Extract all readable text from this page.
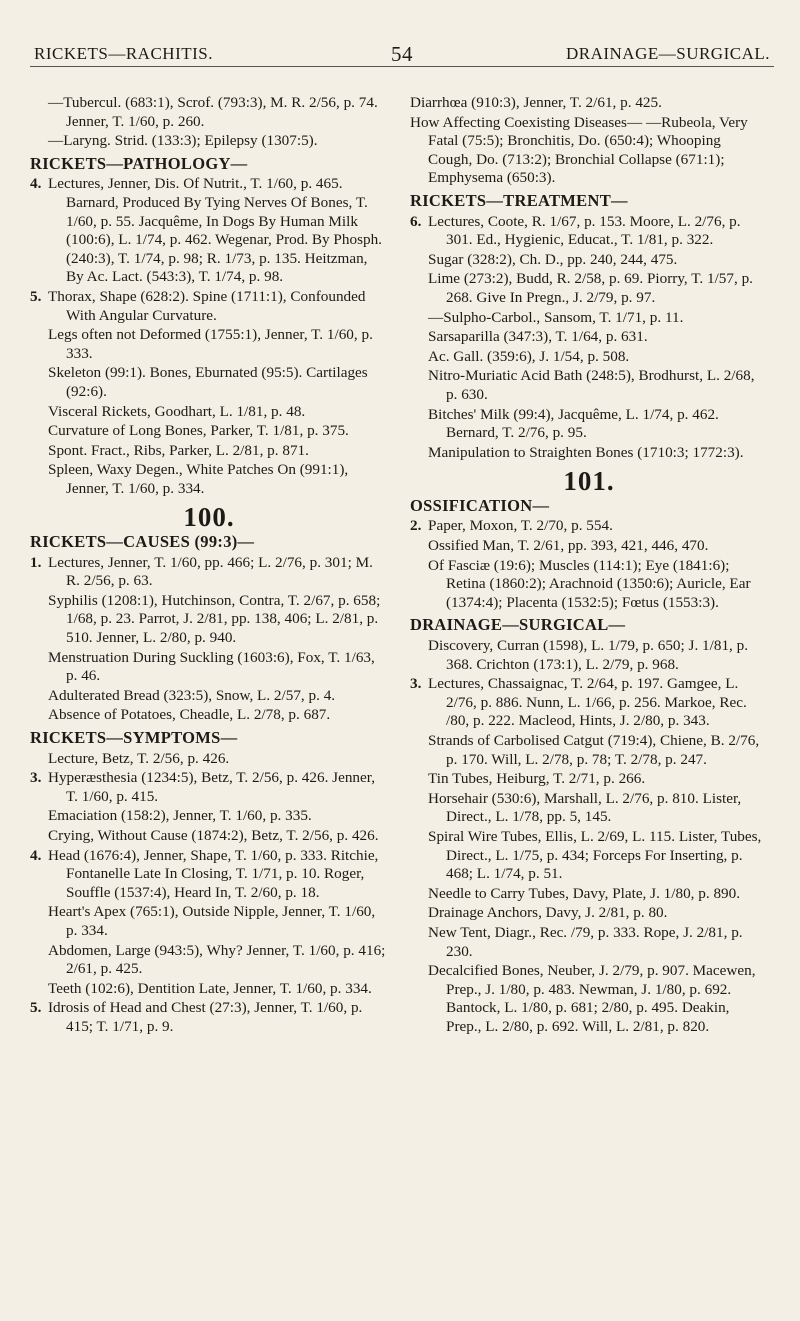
RICKETS—RACHITIS.	54	DRAINAGE—SURGICAL.
—Tubercul. (683:1), Scrof. (793:3), M. R. 2/56, p. 74. Jenner, T. 1/60, p. 260.
—Laryng. Strid. (133:3); Epilepsy (1307:5).
RICKETS—PATHOLOGY—
4. Lectures, Jenner, Dis. Of Nutrit., T. 1/60, p. 465. Barnard, Produced By Tying Nerves Of Bones, T. 1/60, p. 55. Jacquême, In Dogs By Human Milk (100:6), L. 1/74, p. 462. Wegenar, Prod. By Phosph. (240:3), T. 1/74, p. 98; R. 1/73, p. 135. Heitzman, By Ac. Lact. (543:3), T. 1/74, p. 98.
5. Thorax, Shape (628:2). Spine (1711:1), Confounded With Angular Curvature.
Legs often not Deformed (1755:1), Jenner, T. 1/60, p. 333.
Skeleton (99:1). Bones, Eburnated (95:5). Cartilages (92:6).
Visceral Rickets, Goodhart, L. 1/81, p. 48.
Curvature of Long Bones, Parker, T. 1/81, p. 375.
Spont. Fract., Ribs, Parker, L. 2/81, p. 871.
Spleen, Waxy Degen., White Patches On (991:1), Jenner, T. 1/60, p. 334.
100.
RICKETS—CAUSES (99:3)—
1. Lectures, Jenner, T. 1/60, pp. 466; L. 2/76, p. 301; M. R. 2/56, p. 63.
Syphilis (1208:1), Hutchinson, Contra, T. 2/67, p. 658; 1/68, p. 23. Parrot, J. 2/81, pp. 138, 406; L. 2/81, p. 510. Jenner, L. 2/80, p. 940.
Menstruation During Suckling (1603:6), Fox, T. 1/63, p. 46.
Adulterated Bread (323:5), Snow, L. 2/57, p. 4.
Absence of Potatoes, Cheadle, L. 2/78, p. 687.
RICKETS—SYMPTOMS—
Lecture, Betz, T. 2/56, p. 426.
3. Hyperæsthesia (1234:5), Betz, T. 2/56, p. 426. Jenner, T. 1/60, p. 415.
Emaciation (158:2), Jenner, T. 1/60, p. 335.
Crying, Without Cause (1874:2), Betz, T. 2/56, p. 426.
4. Head (1676:4), Jenner, Shape, T. 1/60, p. 333. Ritchie, Fontanelle Late In Closing, T. 1/71, p. 10. Roger, Souffle (1537:4), Heard In, T. 2/60, p. 18.
Heart's Apex (765:1), Outside Nipple, Jenner, T. 1/60, p. 334.
Abdomen, Large (943:5), Why? Jenner, T. 1/60, p. 416; 2/61, p. 425.
Teeth (102:6), Dentition Late, Jenner, T. 1/60, p. 334.
5. Idrosis of Head and Chest (27:3), Jenner, T. 1/60, p. 415; T. 1/71, p. 9.
Diarrhœa (910:3), Jenner, T. 2/61, p. 425.
How Affecting Coexisting Diseases— —Rubeola, Very Fatal (75:5); Bronchitis, Do. (650:4); Whooping Cough, Do. (713:2); Bronchial Collapse (671:1); Emphysema (650:3).
RICKETS—TREATMENT—
6. Lectures, Coote, R. 1/67, p. 153. Moore, L. 2/76, p. 301. Ed., Hygienic, Educat., T. 1/81, p. 322.
Sugar (328:2), Ch. D., pp. 240, 244, 475.
Lime (273:2), Budd, R. 2/58, p. 69. Piorry, T. 1/57, p. 268. Give In Pregn., J. 2/79, p. 97.
—Sulpho-Carbol., Sansom, T. 1/71, p. 11.
Sarsaparilla (347:3), T. 1/64, p. 631.
Ac. Gall. (359:6), J. 1/54, p. 508.
Nitro-Muriatic Acid Bath (248:5), Brodhurst, L. 2/68, p. 630.
Bitches' Milk (99:4), Jacquême, L. 1/74, p. 462. Bernard, T. 2/76, p. 95.
Manipulation to Straighten Bones (1710:3; 1772:3).
101.
OSSIFICATION—
2. Paper, Moxon, T. 2/70, p. 554.
Ossified Man, T. 2/61, pp. 393, 421, 446, 470.
Of Fasciæ (19:6); Muscles (114:1); Eye (1841:6); Retina (1860:2); Arachnoid (1350:6); Auricle, Ear (1374:4); Placenta (1532:5); Fœtus (1553:3).
DRAINAGE—SURGICAL—
Discovery, Curran (1598), L. 1/79, p. 650; J. 1/81, p. 368. Crichton (173:1), L. 2/79, p. 968.
3. Lectures, Chassaignac, T. 2/64, p. 197. Gamgee, L. 2/76, p. 886. Nunn, L. 1/66, p. 256. Markoe, Rec. /80, p. 222. Macleod, Hints, J. 2/80, p. 343.
Strands of Carbolised Catgut (719:4), Chiene, B. 2/76, p. 170. Will, L. 2/78, p. 78; T. 2/78, p. 247.
Tin Tubes, Heiburg, T. 2/71, p. 266.
Horsehair (530:6), Marshall, L. 2/76, p. 810. Lister, Direct., L. 1/78, pp. 5, 145.
Spiral Wire Tubes, Ellis, L. 2/69, L. 115. Lister, Tubes, Direct., L. 1/75, p. 434; Forceps For Inserting, p. 468; L. 1/74, p. 51.
Needle to Carry Tubes, Davy, Plate, J. 1/80, p. 890.
Drainage Anchors, Davy, J. 2/81, p. 80.
New Tent, Diagr., Rec. /79, p. 333. Rope, J. 2/81, p. 230.
Decalcified Bones, Neuber, J. 2/79, p. 907. Macewen, Prep., J. 1/80, p. 483. Newman, J. 1/80, p. 692. Bantock, L. 1/80, p. 681; 2/80, p. 495. Deakin, Prep., L. 2/80, p. 692. Will, L. 2/81, p. 820.
